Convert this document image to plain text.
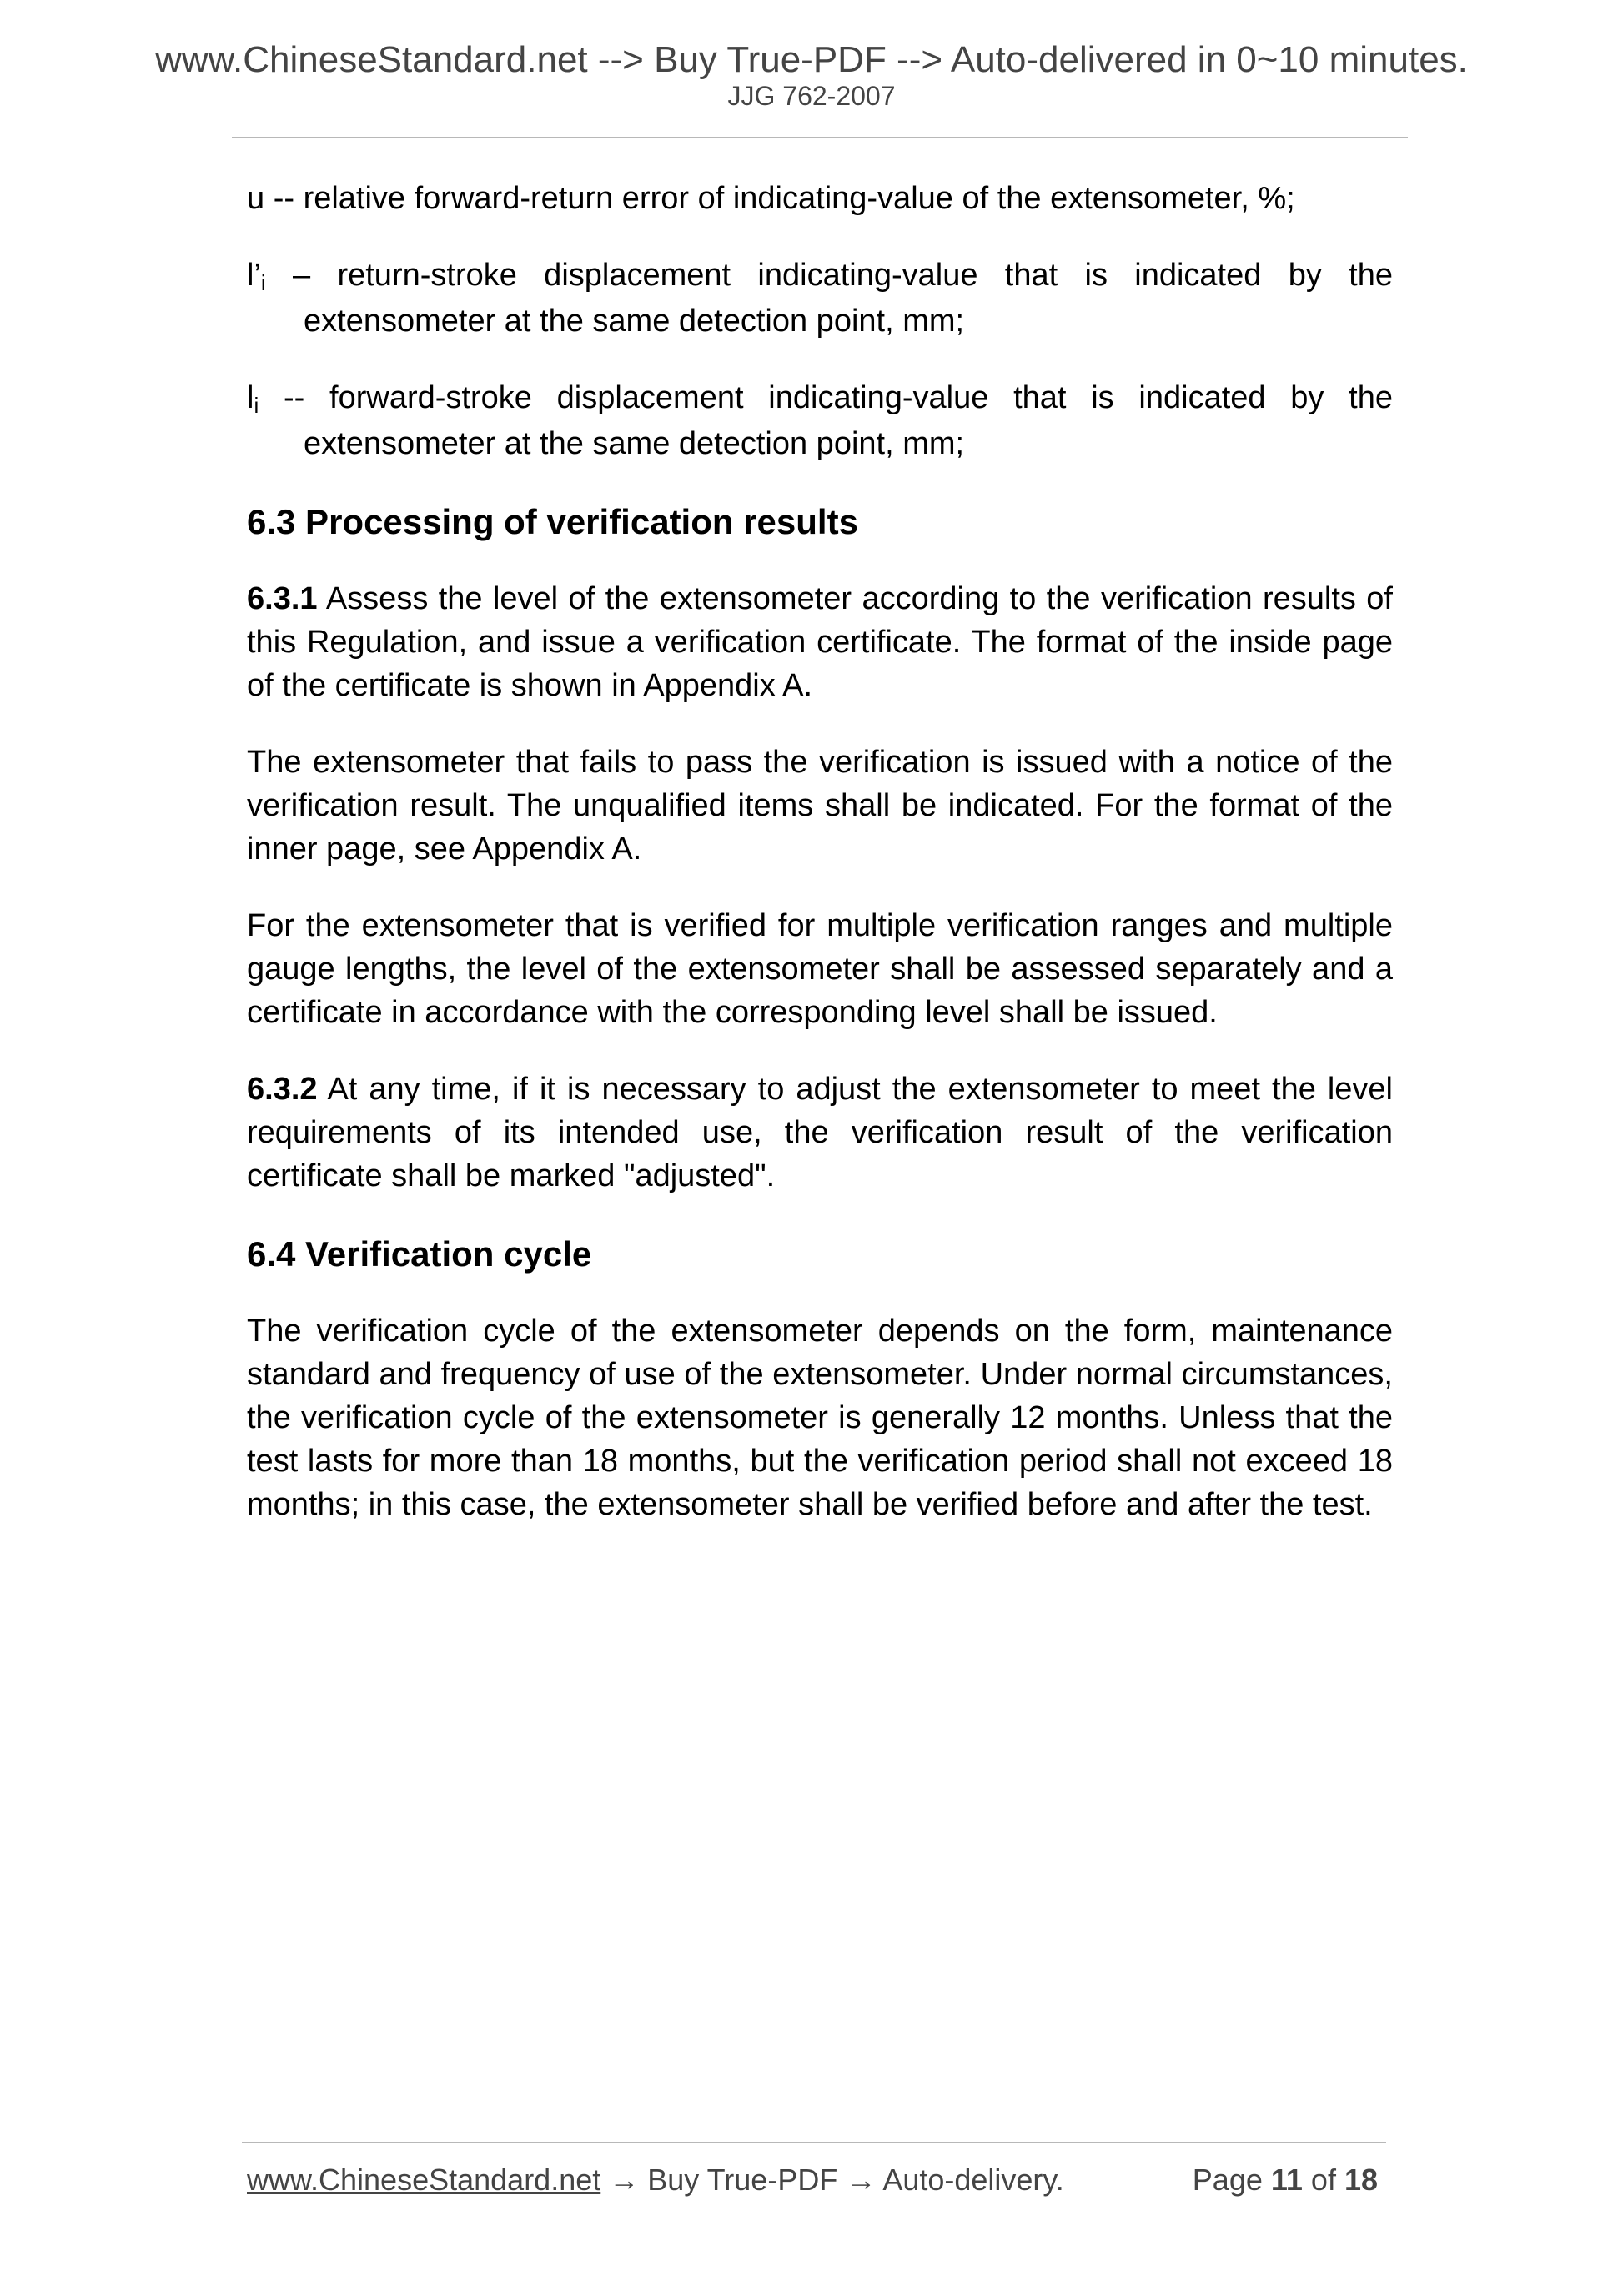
www.ChineseStandard.net --> Buy True-PDF --> Auto-delivered in 0~10 minutes.
JJG 762-2007

u -- relative forward-return error of indicating-value of the extensometer, %;

l’i – return-stroke displacement indicating-value that is indicated by the extensometer at the same detection point, mm;

li -- forward-stroke displacement indicating-value that is indicated by the extensometer at the same detection point, mm;

6.3 Processing of verification results

6.3.1 Assess the level of the extensometer according to the verification results of this Regulation, and issue a verification certificate. The format of the inside page of the certificate is shown in Appendix A.

The extensometer that fails to pass the verification is issued with a notice of the verification result. The unqualified items shall be indicated. For the format of the inner page, see Appendix A.

For the extensometer that is verified for multiple verification ranges and multiple gauge lengths, the level of the extensometer shall be assessed separately and a certificate in accordance with the corresponding level shall be issued.

6.3.2 At any time, if it is necessary to adjust the extensometer to meet the level requirements of its intended use, the verification result of the verification certificate shall be marked "adjusted".

6.4 Verification cycle

The verification cycle of the extensometer depends on the form, maintenance standard and frequency of use of the extensometer. Under normal circumstances, the verification cycle of the extensometer is generally 12 months. Unless that the test lasts for more than 18 months, but the verification period shall not exceed 18 months; in this case, the extensometer shall be verified before and after the test.

www.ChineseStandard.net → Buy True-PDF → Auto-delivery.	Page 11 of 18
